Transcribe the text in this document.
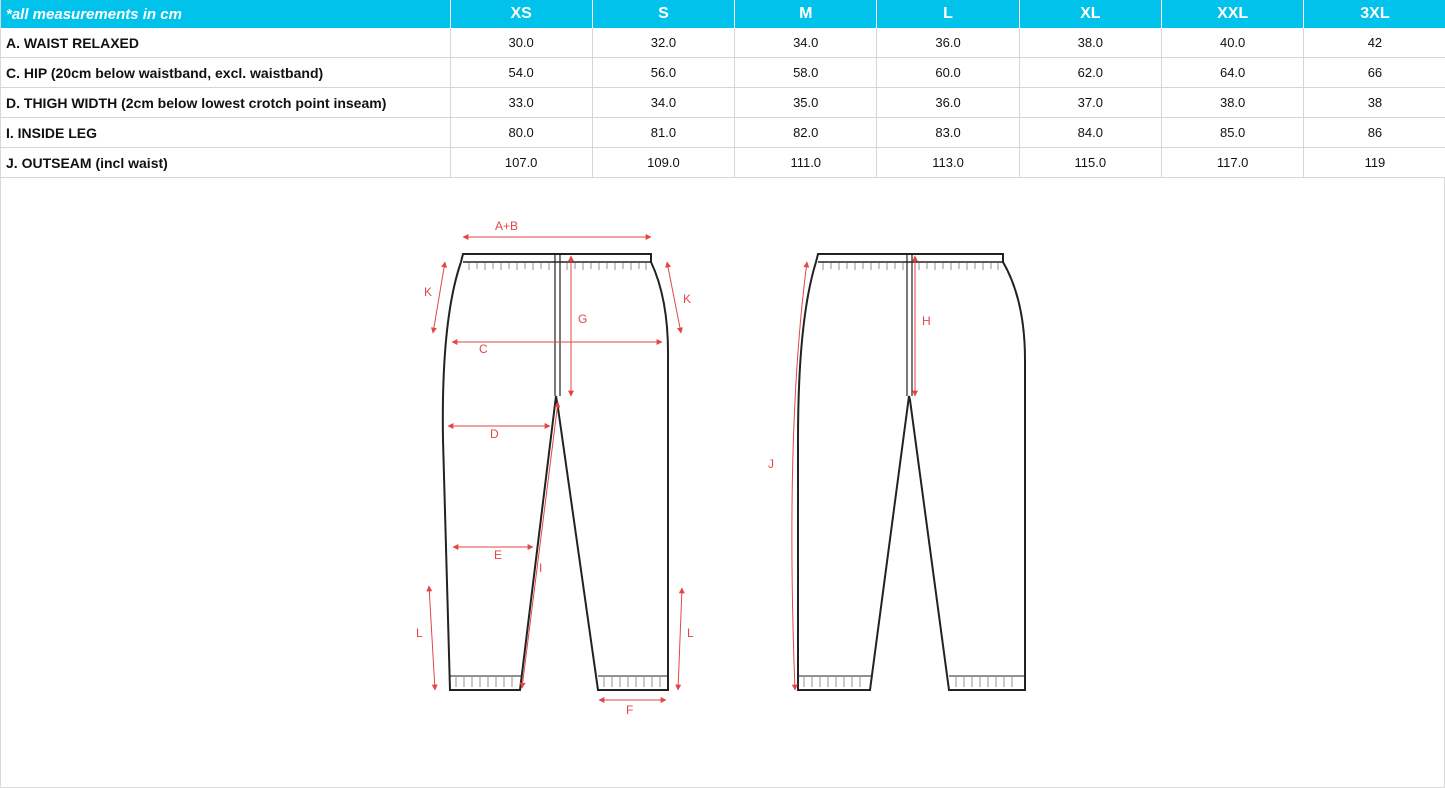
*all measurements in cm	XS	S	M	L	XL	XXL	3XL
A. WAIST RELAXED	30.0	32.0	34.0	36.0	38.0	40.0	42
C. HIP (20cm below waistband, excl. waistband)	54.0	56.0	58.0	60.0	62.0	64.0	66
D. THIGH WIDTH (2cm below lowest crotch point inseam)	33.0	34.0	35.0	36.0	37.0	38.0	38
I. INSIDE LEG	80.0	81.0	82.0	83.0	84.0	85.0	86
J. OUTSEAM (incl waist)	107.0	109.0	111.0	113.0	115.0	117.0	119
A+B
K	K
G
C
D
E
I
L	L
F
H
J
